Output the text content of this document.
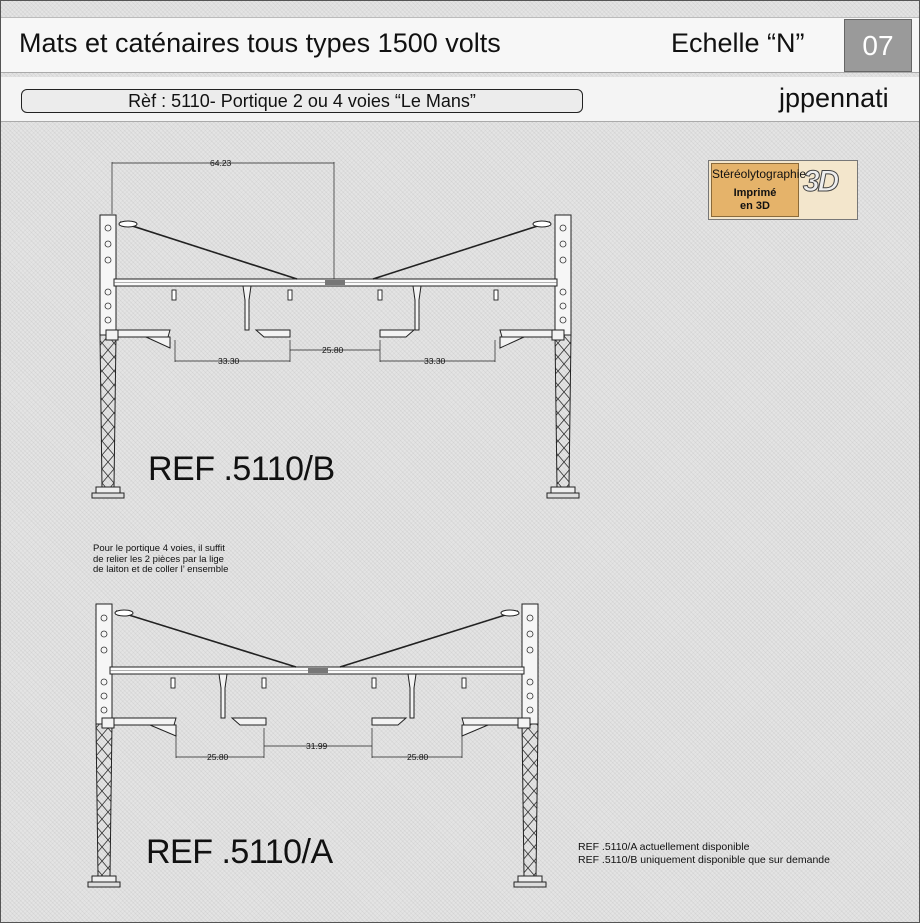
Mats et caténaires tous types 1500 volts	Echelle “N”	07
Rèf : 5110- Portique 2 ou 4 voies “Le Mans”	jppennati
Stéréolytographie
Imprimé
en 3D
3D
64.23
33.30
25.80
33.30
25.80
31.99
25.80
REF .5110/B
REF .5110/A
Pour le portique 4 voies, il suffit
de relier les 2 pièces par la lige
de laiton et de coller l’ ensemble
REF .5110/A actuellement disponible
REF .5110/B uniquement disponible que sur demande
